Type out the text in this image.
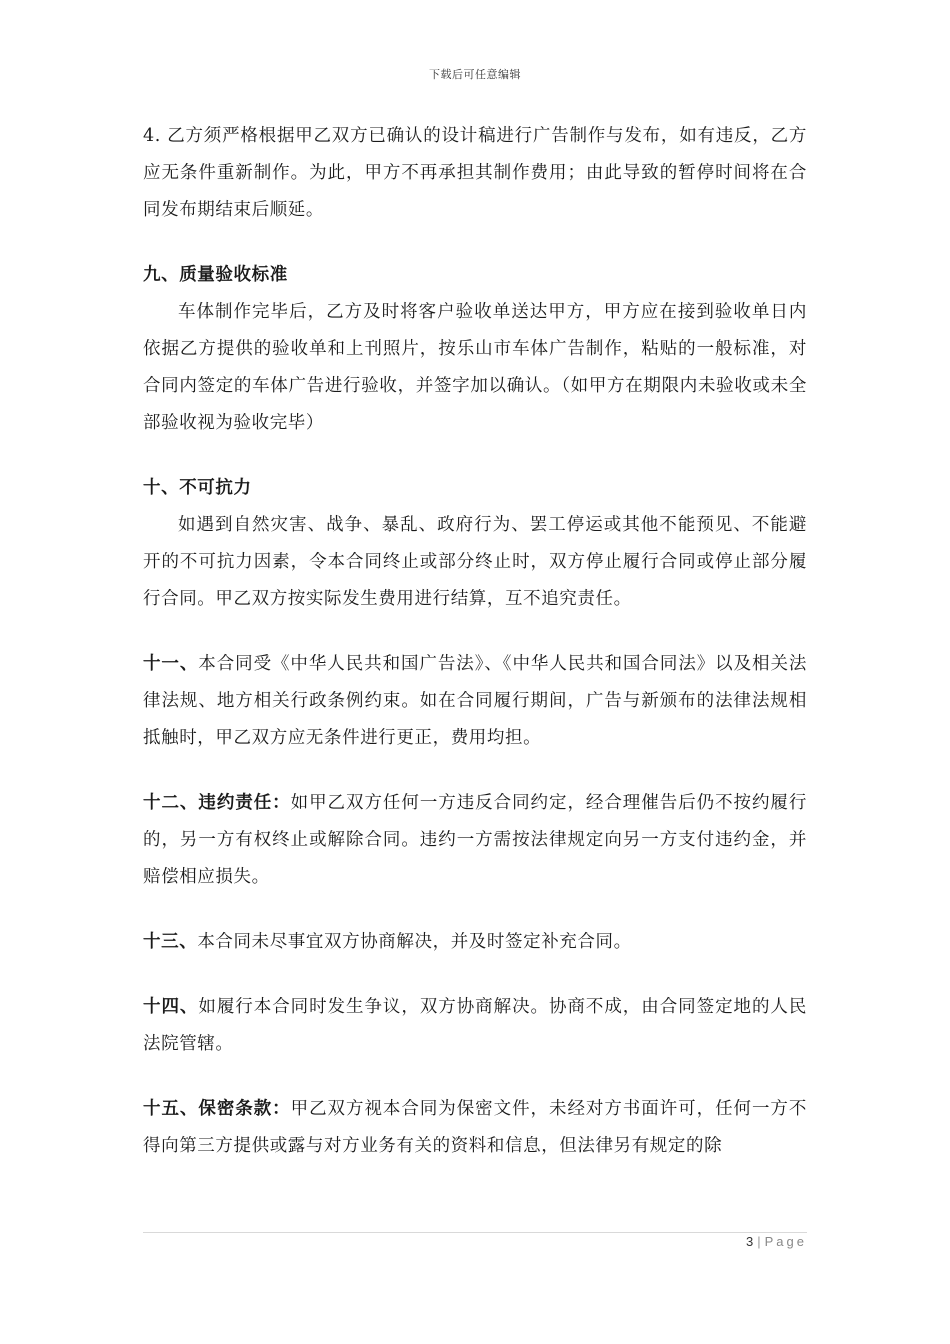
下载后可任意编辑

4. 乙方须严格根据甲乙双方已确认的设计稿进行广告制作与发布，如有违反，乙方应无条件重新制作。为此，甲方不再承担其制作费用；由此导致的暂停时间将在合同发布期结束后顺延。

九、质量验收标准

车体制作完毕后，乙方及时将客户验收单送达甲方，甲方应在接到验收单日内依据乙方提供的验收单和上刊照片，按乐山市车体广告制作，粘贴的一般标准，对合同内签定的车体广告进行验收，并签字加以确认。（如甲方在期限内未验收或未全部验收视为验收完毕）

十、不可抗力

如遇到自然灾害、战争、暴乱、政府行为、罢工停运或其他不能预见、不能避开的不可抗力因素，令本合同终止或部分终止时，双方停止履行合同或停止部分履行合同。甲乙双方按实际发生费用进行结算，互不追究责任。

十一、本合同受《中华人民共和国广告法》、《中华人民共和国合同法》以及相关法律法规、地方相关行政条例约束。如在合同履行期间，广告与新颁布的法律法规相抵触时，甲乙双方应无条件进行更正，费用均担。

十二、违约责任：如甲乙双方任何一方违反合同约定，经合理催告后仍不按约履行的，另一方有权终止或解除合同。违约一方需按法律规定向另一方支付违约金，并赔偿相应损失。

十三、本合同未尽事宜双方协商解决，并及时签定补充合同。

十四、如履行本合同时发生争议，双方协商解决。协商不成，由合同签定地的人民法院管辖。

十五、保密条款：甲乙双方视本合同为保密文件，未经对方书面许可，任何一方不得向第三方提供或露与对方业务有关的资料和信息，但法律另有规定的除

3 | Page
